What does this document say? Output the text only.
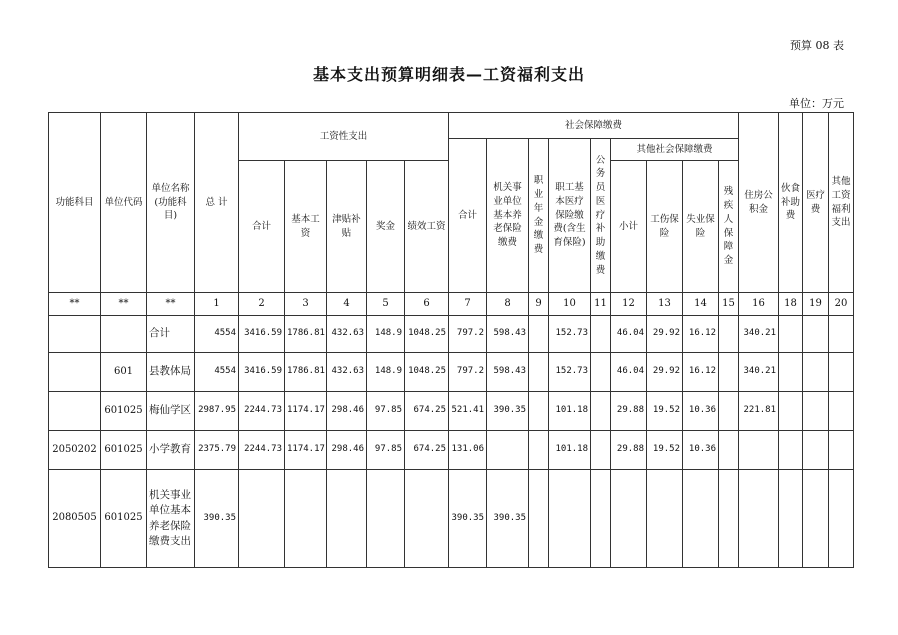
预算 08 表
基本支出预算明细表—工资福利支出
单位：万元
功能科目	单位代码	单位名称(功能科目)	总 计	工资性支出					社会保障缴费									住房公积金	伙食补助费	医疗费	其他工资福利支出
									合计	机关事业单位基本养老保险缴费	职业年金缴费	职工基本医疗保险缴费(含生育保险)	公务员医疗补助缴费	其他社会保障缴费							
				合计	基本工资	津贴补贴	奖金	绩效工资						小计	工伤保险	失业保险	残疾人保障金				

**	**	**	1	2	3	4	5	6	7	8	9	10	11	12	13	14	15	16	18	19	20
		合计	4554	3416.59	1786.81	432.63	148.9	1048.25	797.2	598.43		152.73		46.04	29.92	16.12		340.21			
	601	县教体局	4554	3416.59	1786.81	432.63	148.9	1048.25	797.2	598.43		152.73		46.04	29.92	16.12		340.21			
	601025	梅仙学区	2987.95	2244.73	1174.17	298.46	97.85	674.25	521.41	390.35		101.18		29.88	19.52	10.36		221.81			
2050202	601025	小学教育	2375.79	2244.73	1174.17	298.46	97.85	674.25	131.06			101.18		29.88	19.52	10.36					
2080505	601025	机关事业单位基本养老保险缴费支出	390.35						390.35	390.35											
